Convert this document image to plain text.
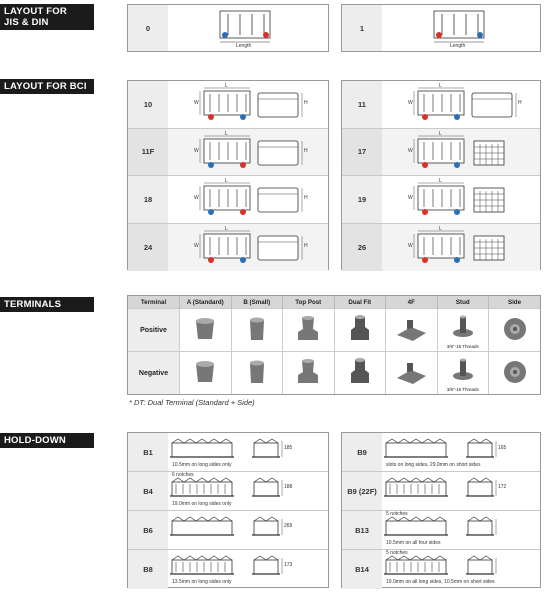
LAYOUT FOR
JIS & DIN
LAYOUT FOR BCI
TERMINALS
HOLD-DOWN
0
Length
1
Length
10
L
W	H
11F
L
W	H
18
L
W	H
24
L
W	H
11
L
W	H
17
L
W
19
L
W
26
L
W
Terminal	A (Standard)	B (Small)	Top Post	Dual Fit	4F	Stud	Side
Positive						3/8"-16 Threads

Negative						3/8"-16 Threads

* DT: Dual Terminal (Standard + Side)
B1
10.5mm on long sides only
185
B4
6 notches
19.0mm on long sides only
188
B6	269
B8
13.5mm on long sides only
173
B9
slots on long sides, 29.0mm on short sides
165
B9 (22F)	172
B13
5 notches
10.5mm on all four sides
B14
5 notches
19.0mm on all long sides, 10.5mm on short sides
